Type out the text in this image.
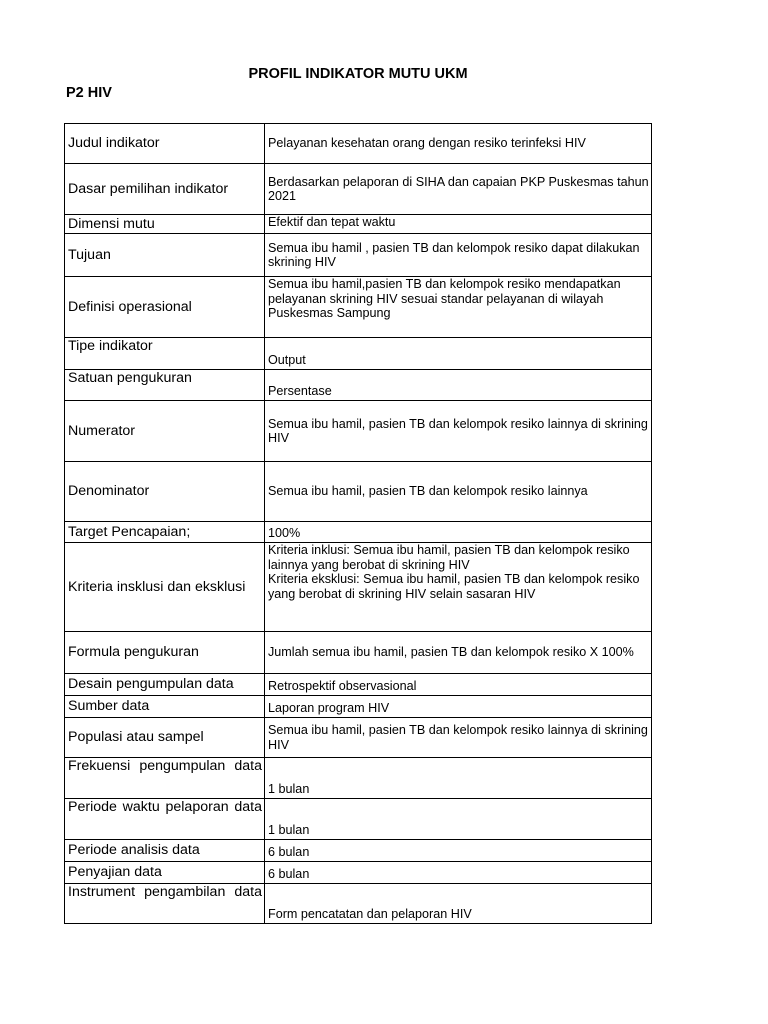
PROFIL INDIKATOR MUTU UKM
P2 HIV
Judul indikator	Pelayanan kesehatan orang dengan resiko terinfeksi HIV
Dasar pemilihan indikator	Berdasarkan pelaporan di SIHA dan capaian PKP Puskesmas tahun 2021
Dimensi mutu	Efektif dan tepat waktu
Tujuan	Semua ibu hamil , pasien TB dan kelompok resiko dapat dilakukan skrining HIV
Definisi operasional	Semua ibu hamil,pasien TB dan kelompok resiko mendapatkan pelayanan skrining HIV sesuai standar pelayanan di wilayah Puskesmas Sampung
Tipe indikator	Output
Satuan pengukuran	Persentase
Numerator	Semua ibu hamil, pasien TB dan kelompok resiko lainnya di skrining HIV
Denominator	Semua ibu hamil, pasien TB dan kelompok resiko lainnya
Target Pencapaian;	100%
Kriteria insklusi dan eksklusi	Kriteria inklusi: Semua ibu hamil, pasien TB dan kelompok resiko lainnya yang berobat di skrining HIV
Kriteria eksklusi: Semua ibu hamil, pasien TB dan kelompok resiko yang berobat di skrining HIV selain sasaran HIV

Formula pengukuran	Jumlah semua ibu hamil, pasien TB dan kelompok resiko X 100%
Desain pengumpulan data	Retrospektif observasional
Sumber data	Laporan program HIV
Populasi atau sampel	Semua ibu hamil, pasien TB dan kelompok resiko lainnya di skrining HIV
Frekuensi pengumpulan data	1 bulan
Periode waktu pelaporan data	1 bulan
Periode analisis data	6 bulan
Penyajian data	6 bulan
Instrument pengambilan data	Form pencatatan dan pelaporan HIV
